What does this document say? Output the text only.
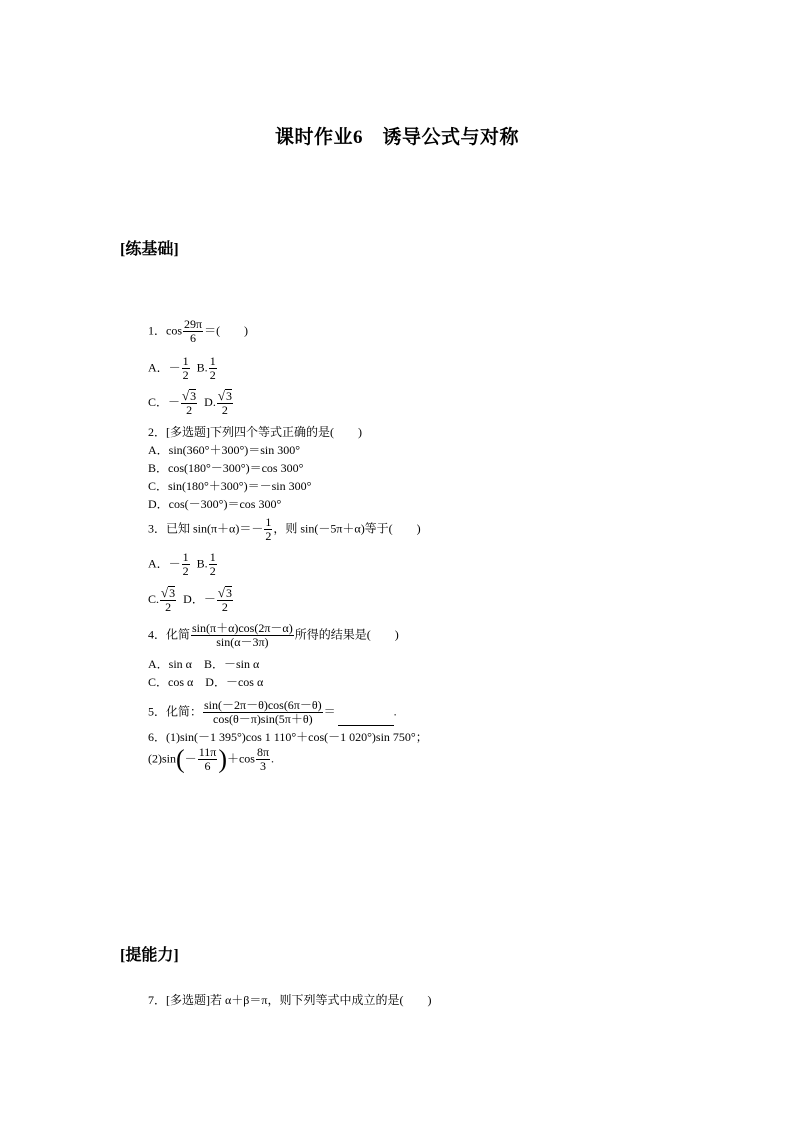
课时作业6　诱导公式与对称
[练基础]
1．$\cos \frac{29\pi}{6}$ ＝(　　)
A．－ $\frac{1}{2} B$. $\frac{1}{2}$
C．－ $\frac{√ 3}{2} D$. $\frac{√ 3}{2}$
2．[多选题]下列四个等式正确的是(　　)
A．sin(360°＋300°)＝sin 300°
B．cos(180°－300°)＝cos 300°
C．sin(180°＋300°)＝－sin 300°
D．cos(－300°)＝cos 300°
3．已知 $\sin(\pi+\alpha)=- \frac{1}{2}$ ，则 sin(－5π＋α)等于(　　)
A．－ $\frac{1}{2} B$. $\frac{1}{2}$
C. $\frac{√ 3}{2}$ D．－ $\frac{√ 3}{2}$
4．化简 $\frac{\sin(\pi+\alpha)\cos(2\pi-\alpha)}{\sin(\alpha-3\pi)}$ 所得的结果是(　　)
A．sin α　B．－sin α
C．cos α　D．－cos α
5．化简： $\frac{\sin(-2\pi-\theta)\cos(6\pi-\theta)}{\cos(\theta-\pi)\sin(5\pi+\theta)}$ ＝	.
6．(1)sin(－1 395°)cos 1 110°＋cos(－1 020°)sin 750°；
$(2)\sin(- \frac{11\pi}{6} )+\cos \frac{8\pi}{3}$ .
[提能力]
7．[多选题]若 α＋β＝π，则下列等式中成立的是(　　)
